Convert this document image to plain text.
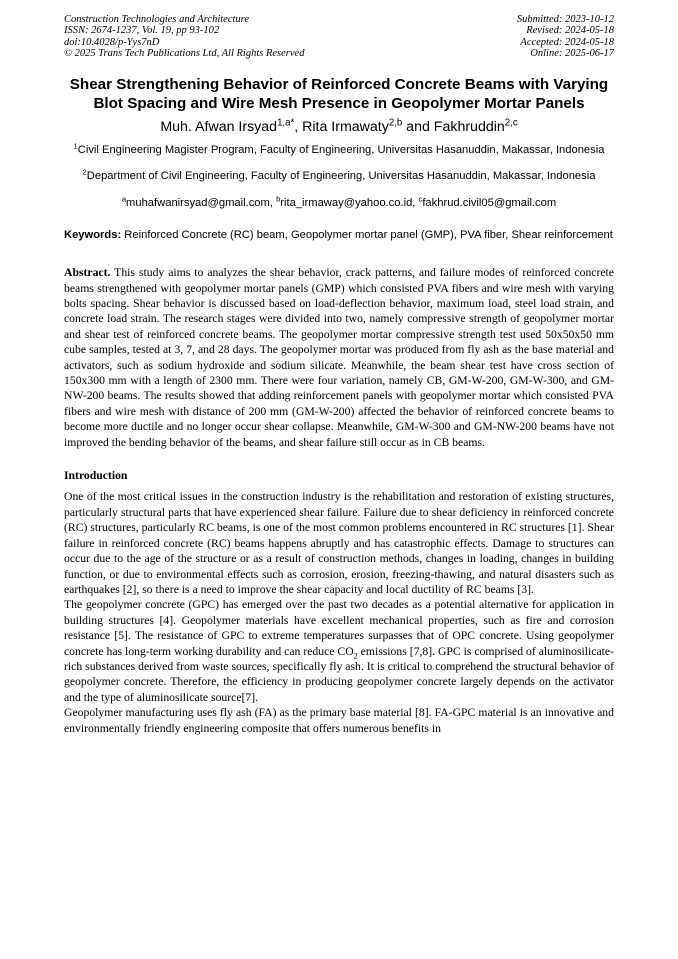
Construction Technologies and Architecture
ISSN: 2674-1237, Vol. 19, pp 93-102
doi:10.4028/p-Yys7nD
© 2025 Trans Tech Publications Ltd, All Rights Reserved
Submitted: 2023-10-12
Revised: 2024-05-18
Accepted: 2024-05-18
Online: 2025-06-17
Shear Strengthening Behavior of Reinforced Concrete Beams with Varying Blot Spacing and Wire Mesh Presence in Geopolymer Mortar Panels
Muh. Afwan Irsyad$^{1,a*}$, Rita Irmawaty$^{2,b}$ and Fakhruddin$^{2,c}$
$^1$Civil Engineering Magister Program, Faculty of Engineering, Universitas Hasanuddin, Makassar, Indonesia
$^2$Department of Civil Engineering, Faculty of Engineering, Universitas Hasanuddin, Makassar, Indonesia
$^a$muhafwanirsyad@gmail.com, $^b$rita_irmaway@yahoo.co.id, $^c$fakhrud.civil05@gmail.com
Keywords: Reinforced Concrete (RC) beam, Geopolymer mortar panel (GMP), PVA fiber, Shear reinforcement
Abstract. This study aims to analyzes the shear behavior, crack patterns, and failure modes of reinforced concrete beams strengthened with geopolymer mortar panels (GMP) which consisted PVA fibers and wire mesh with varying bolts spacing. Shear behavior is discussed based on load-deflection behavior, maximum load, steel load strain, and concrete load strain. The research stages were divided into two, namely compressive strength of geopolymer mortar and shear test of reinforced concrete beams. The geopolymer mortar compressive strength test used 50x50x50 mm cube samples, tested at 3, 7, and 28 days. The geopolymer mortar was produced from fly ash as the base material and activators, such as sodium hydroxide and sodium silicate. Meanwhile, the beam shear test have cross section of 150x300 mm with a length of 2300 mm. There were four variation, namely CB, GM-W-200, GM-W-300, and GM-NW-200 beams. The results showed that adding reinforcement panels with geopolymer mortar which consisted PVA fibers and wire mesh with distance of 200 mm (GM-W-200) affected the behavior of reinforced concrete beams to become more ductile and no longer occur shear collapse. Meanwhile, GM-W-300 and GM-NW-200 beams have not improved the bending behavior of the beams, and shear failure still occur as in CB beams.
Introduction

One of the most critical issues in the construction industry is the rehabilitation and restoration of existing structures, particularly structural parts that have experienced shear failure. Failure due to shear deficiency in reinforced concrete (RC) structures, particularly RC beams, is one of the most common problems encountered in RC structures [1]. Shear failure in reinforced concrete (RC) beams happens abruptly and has catastrophic effects. Damage to structures can occur due to the age of the structure or as a result of construction methods, changes in loading, changes in building function, or due to environmental effects such as corrosion, erosion, freezing-thawing, and natural disasters such as earthquakes [2], so there is a need to improve the shear capacity and local ductility of RC beams [3].

The geopolymer concrete (GPC) has emerged over the past two decades as a potential alternative for application in building structures [4]. Geopolymer materials have excellent mechanical properties, such as fire and corrosion resistance [5]. The resistance of GPC to extreme temperatures surpasses that of OPC concrete. Using geopolymer concrete has long-term working durability and can reduce $CO_2$ emissions [7,8]. GPC is comprised of aluminosilicate-rich substances derived from waste sources, specifically fly ash. It is critical to comprehend the structural behavior of geopolymer concrete. Therefore, the efficiency in producing geopolymer concrete largely depends on the activator and the type of aluminosilicate source[7].

Geopolymer manufacturing uses fly ash (FA) as the primary base material [8]. FA-GPC material is an innovative and environmentally friendly engineering composite that offers numerous benefits in
